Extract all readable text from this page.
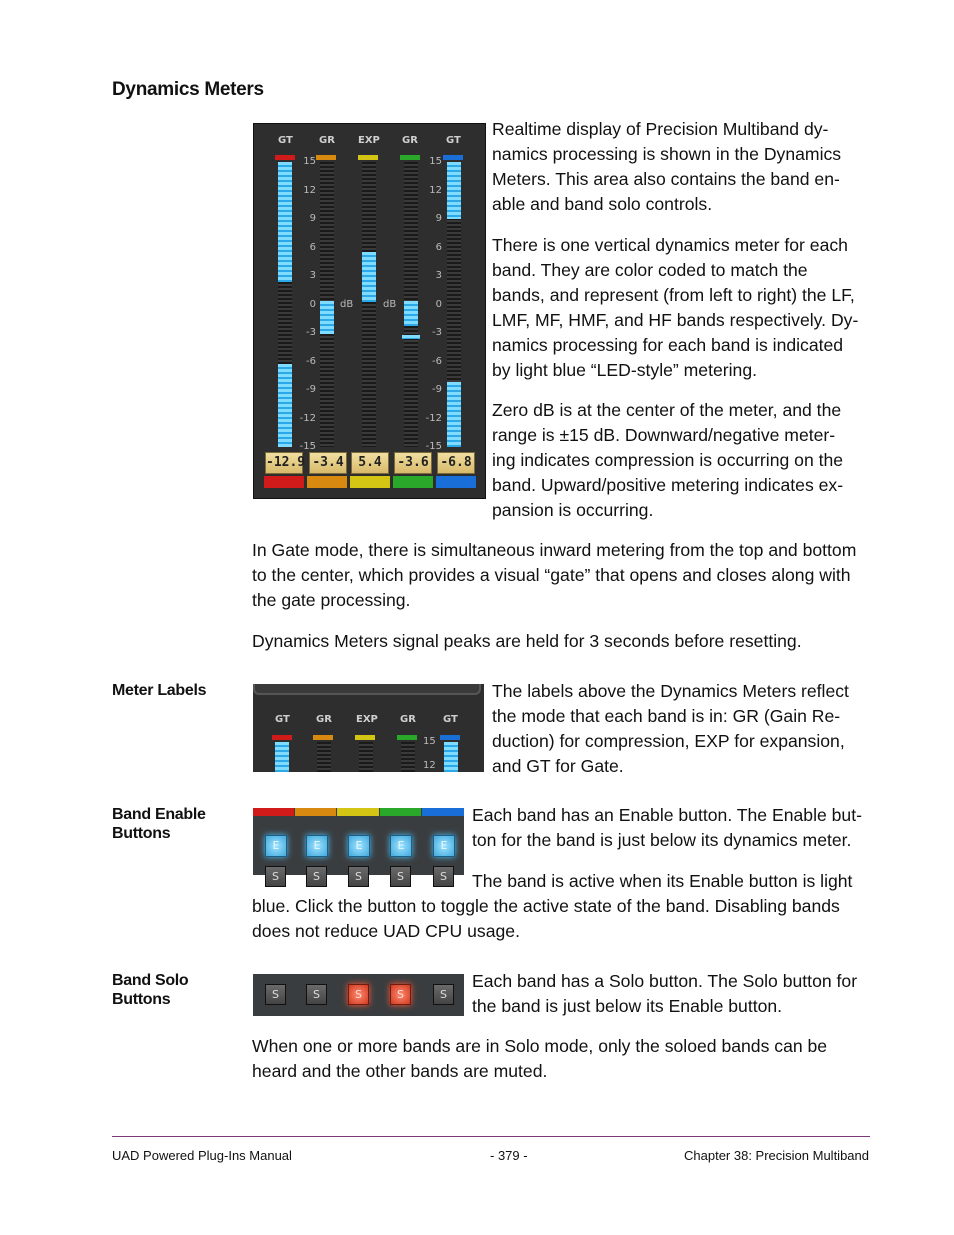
Dynamics Meters
GT	GR EXP GR	GT
15
12
9
6
3
0
-3
-6
-9
-12
-15
15
12
9
6
3
0
-3
-6
-9
-12
-15
dB	dB
-12.9 -3.4	5.4	-3.6 -6.8
Realtime display of Precision Multiband dy-
namics processing is shown in the Dynamics
Meters. This area also contains the band en-
able and band solo controls.
There is one vertical dynamics meter for each
band. They are color coded to match the
bands, and represent (from left to right) the LF,
LMF, MF, HMF, and HF bands respectively. Dy-
namics processing for each band is indicated
by light blue “LED-style” metering.
Zero dB is at the center of the meter, and the
range is ±15 dB. Downward/negative meter-
ing indicates compression is occurring on the
band. Upward/positive metering indicates ex-
pansion is occurring.
In Gate mode, there is simultaneous inward metering from the top and bottom
to the center, which provides a visual “gate” that opens and closes along with
the gate processing.
Dynamics Meters signal peaks are held for 3 seconds before resetting.
Meter Labels
GT	GR EXP GR	GT
15
12
The labels above the Dynamics Meters reflect
the mode that each band is in: GR (Gain Re-
duction) for compression, EXP for expansion,
and GT for Gate.
Band Enable
Buttons
E	E	E	E	E
S	S	S	S	S
Each band has an Enable button. The Enable but-
ton for the band is just below its dynamics meter.
The band is active when its Enable button is light
blue. Click the button to toggle the active state of the band. Disabling bands
does not reduce UAD CPU usage.
Band Solo
Buttons	S	S	S	S	S
Each band has a Solo button. The Solo button for
the band is just below its Enable button.
When one or more bands are in Solo mode, only the soloed bands can be
heard and the other bands are muted.
UAD Powered Plug-Ins Manual	- 379 -	Chapter 38: Precision Multiband
